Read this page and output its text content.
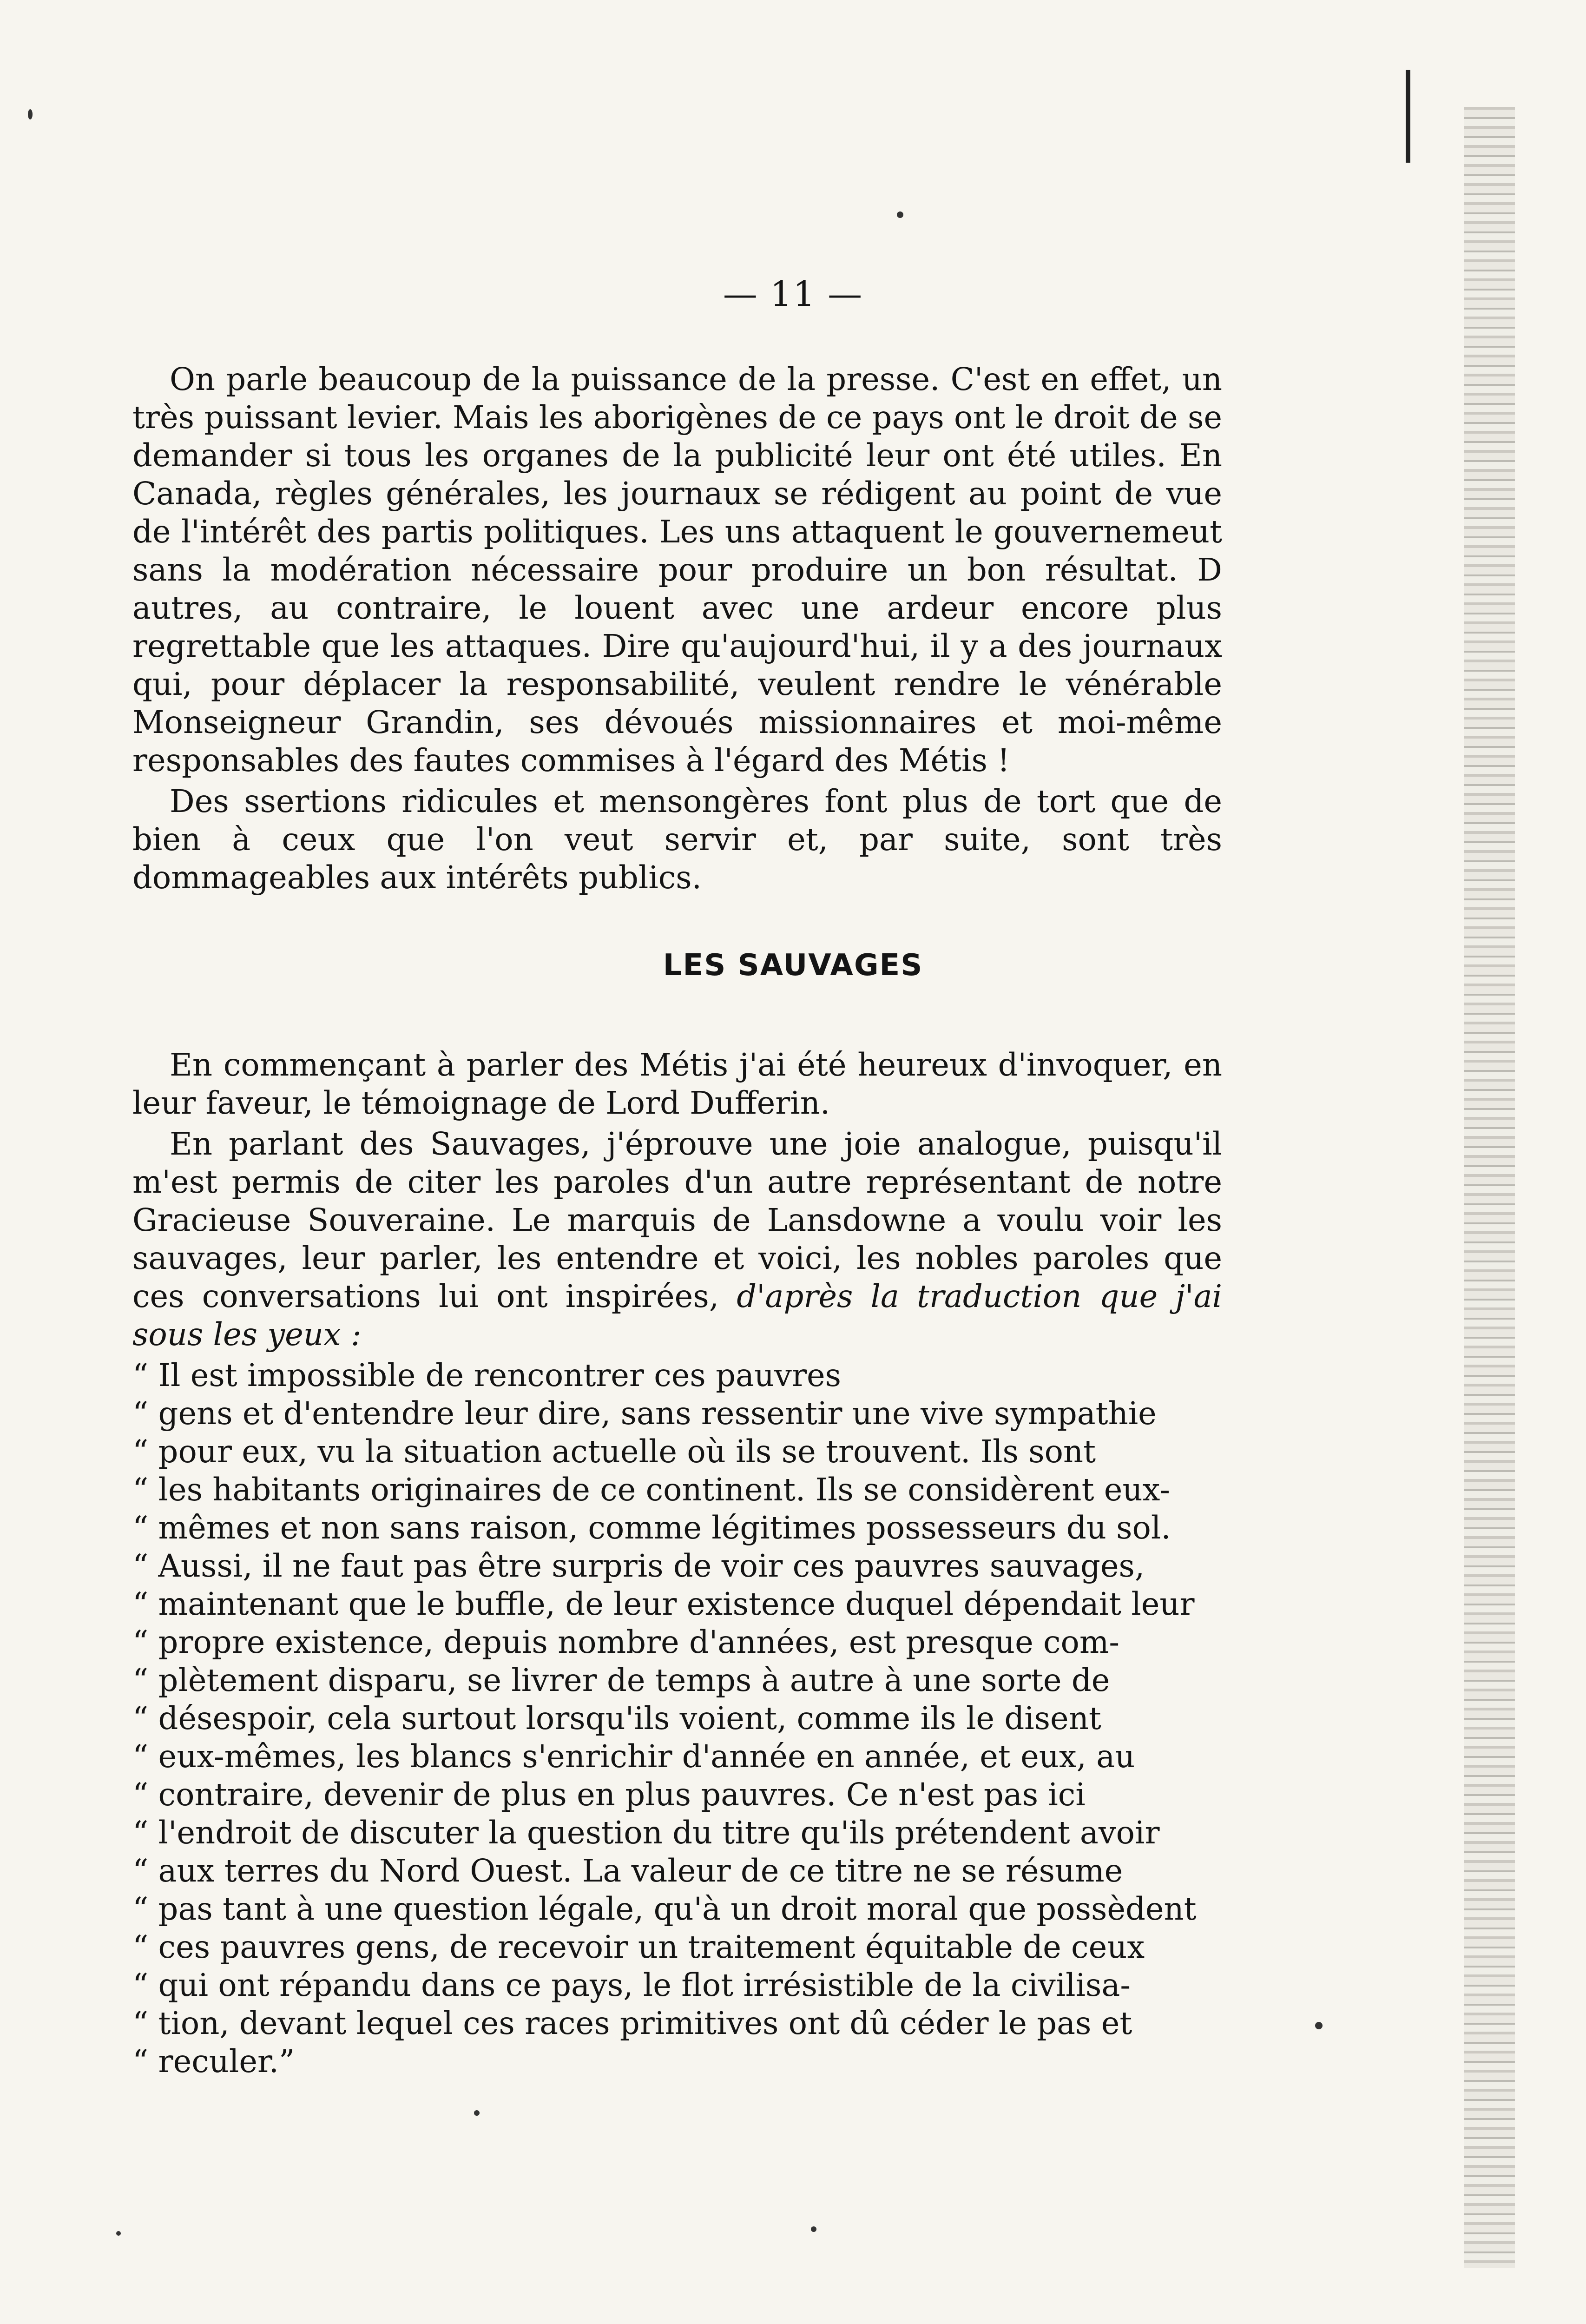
— 11 —

On parle beaucoup de la puissance de la presse. C'est en effet, un très puissant levier. Mais les aborigènes de ce pays ont le droit de se demander si tous les organes de la publicité leur ont été utiles. En Canada, règles générales, les journaux se rédigent au point de vue de l'intérêt des partis politiques. Les uns attaquent le gouvernemeut sans la modération nécessaire pour produire un bon résultat. D autres, au contraire, le louent avec une ardeur encore plus regrettable que les attaques. Dire qu'aujourd'hui, il y a des journaux qui, pour déplacer la responsabilité, veulent rendre le vénérable Monseigneur Grandin, ses dévoués missionnaires et moi-même responsables des fautes commises à l'égard des Métis !

Des ssertions ridicules et mensongères font plus de tort que de bien à ceux que l'on veut servir et, par suite, sont très dommageables aux intérêts publics.

LES SAUVAGES

En commençant à parler des Métis j'ai été heureux d'invoquer, en leur faveur, le témoignage de Lord Dufferin.

En parlant des Sauvages, j'éprouve une joie analogue, puisqu'il m'est permis de citer les paroles d'un autre représentant de notre Gracieuse Souveraine. Le marquis de Lansdowne a voulu voir les sauvages, leur parler, les entendre et voici, les nobles paroles que ces conversations lui ont inspirées, d'après la traduction que j'ai sous les yeux :

“ Il est impossible de rencontrer ces pauvres
“ gens et d'entendre leur dire, sans ressentir une vive sympathie
“ pour eux, vu la situation actuelle où ils se trouvent. Ils sont
“ les habitants originaires de ce continent. Ils se considèrent eux-
“ mêmes et non sans raison, comme légitimes possesseurs du sol.
“ Aussi, il ne faut pas être surpris de voir ces pauvres sauvages,
“ maintenant que le buffle, de leur existence duquel dépendait leur
“ propre existence, depuis nombre d'années, est presque com-
“ plètement disparu, se livrer de temps à autre à une sorte de
“ désespoir, cela surtout lorsqu'ils voient, comme ils le disent
“ eux-mêmes, les blancs s'enrichir d'année en année, et eux, au
“ contraire, devenir de plus en plus pauvres. Ce n'est pas ici
“ l'endroit de discuter la question du titre qu'ils prétendent avoir
“ aux terres du Nord Ouest. La valeur de ce titre ne se résume
“ pas tant à une question légale, qu'à un droit moral que possèdent
“ ces pauvres gens, de recevoir un traitement équitable de ceux
“ qui ont répandu dans ce pays, le flot irrésistible de la civilisa-
“ tion, devant lequel ces races primitives ont dû céder le pas et
“ reculer.”
